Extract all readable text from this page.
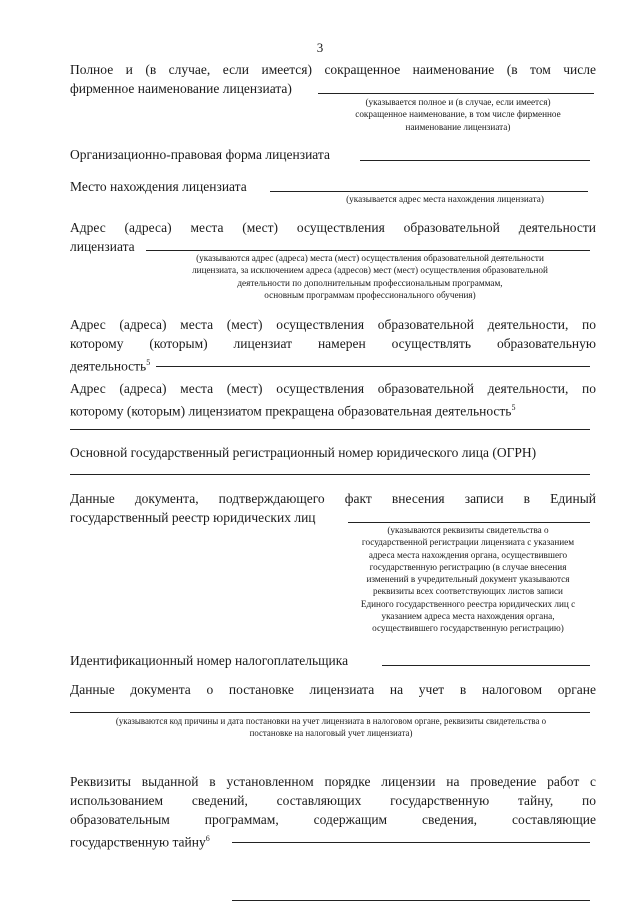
3
Полное и (в случае, если имеется) сокращенное наименование (в том числе
фирменное наименование лицензиата)
(указывается полное и (в случае, если имеется)
сокращенное наименование, в том числе фирменное
наименование лицензиата)
Организационно-правовая форма лицензиата
Место нахождения лицензиата
(указывается адрес места нахождения лицензиата)
Адрес (адреса) места (мест) осуществления образовательной деятельности
лицензиата
(указываются адрес (адреса) места (мест) осуществления образовательной деятельности
лицензиата, за исключением адреса (адресов) мест (мест) осуществления образовательной
деятельности по дополнительным профессиональным программам,
основным программам профессионального обучения)
Адрес (адреса) места (мест) осуществления образовательной деятельности, по
которому (которым) лицензиат намерен осуществлять образовательную
деятельность$^5$
Адрес (адреса) места (мест) осуществления образовательной деятельности, по
которому (которым) лицензиатом прекращена образовательная деятельность$^5$
Основной государственный регистрационный номер юридического лица (ОГРН)
Данные документа, подтверждающего факт внесения записи в Единый
государственный реестр юридических лиц
(указываются реквизиты свидетельства о
государственной регистрации лицензиата с указанием
адреса места нахождения органа, осуществившего
государственную регистрацию (в случае внесения
изменений в учредительный документ указываются
реквизиты всех соответствующих листов записи
Единого государственного реестра юридических лиц с
указанием адреса места нахождения органа,
осуществившего государственную регистрацию)
Идентификационный номер налогоплательщика
Данные документа о постановке лицензиата на учет в налоговом органе
(указываются код причины и дата постановки на учет лицензиата в налоговом органе, реквизиты свидетельства о
постановке на налоговый учет лицензиата)
Реквизиты выданной в установленном порядке лицензии на проведение работ с
использованием сведений, составляющих государственную тайну, по
образовательным программам, содержащим сведения, составляющие
государственную тайну$^6$
